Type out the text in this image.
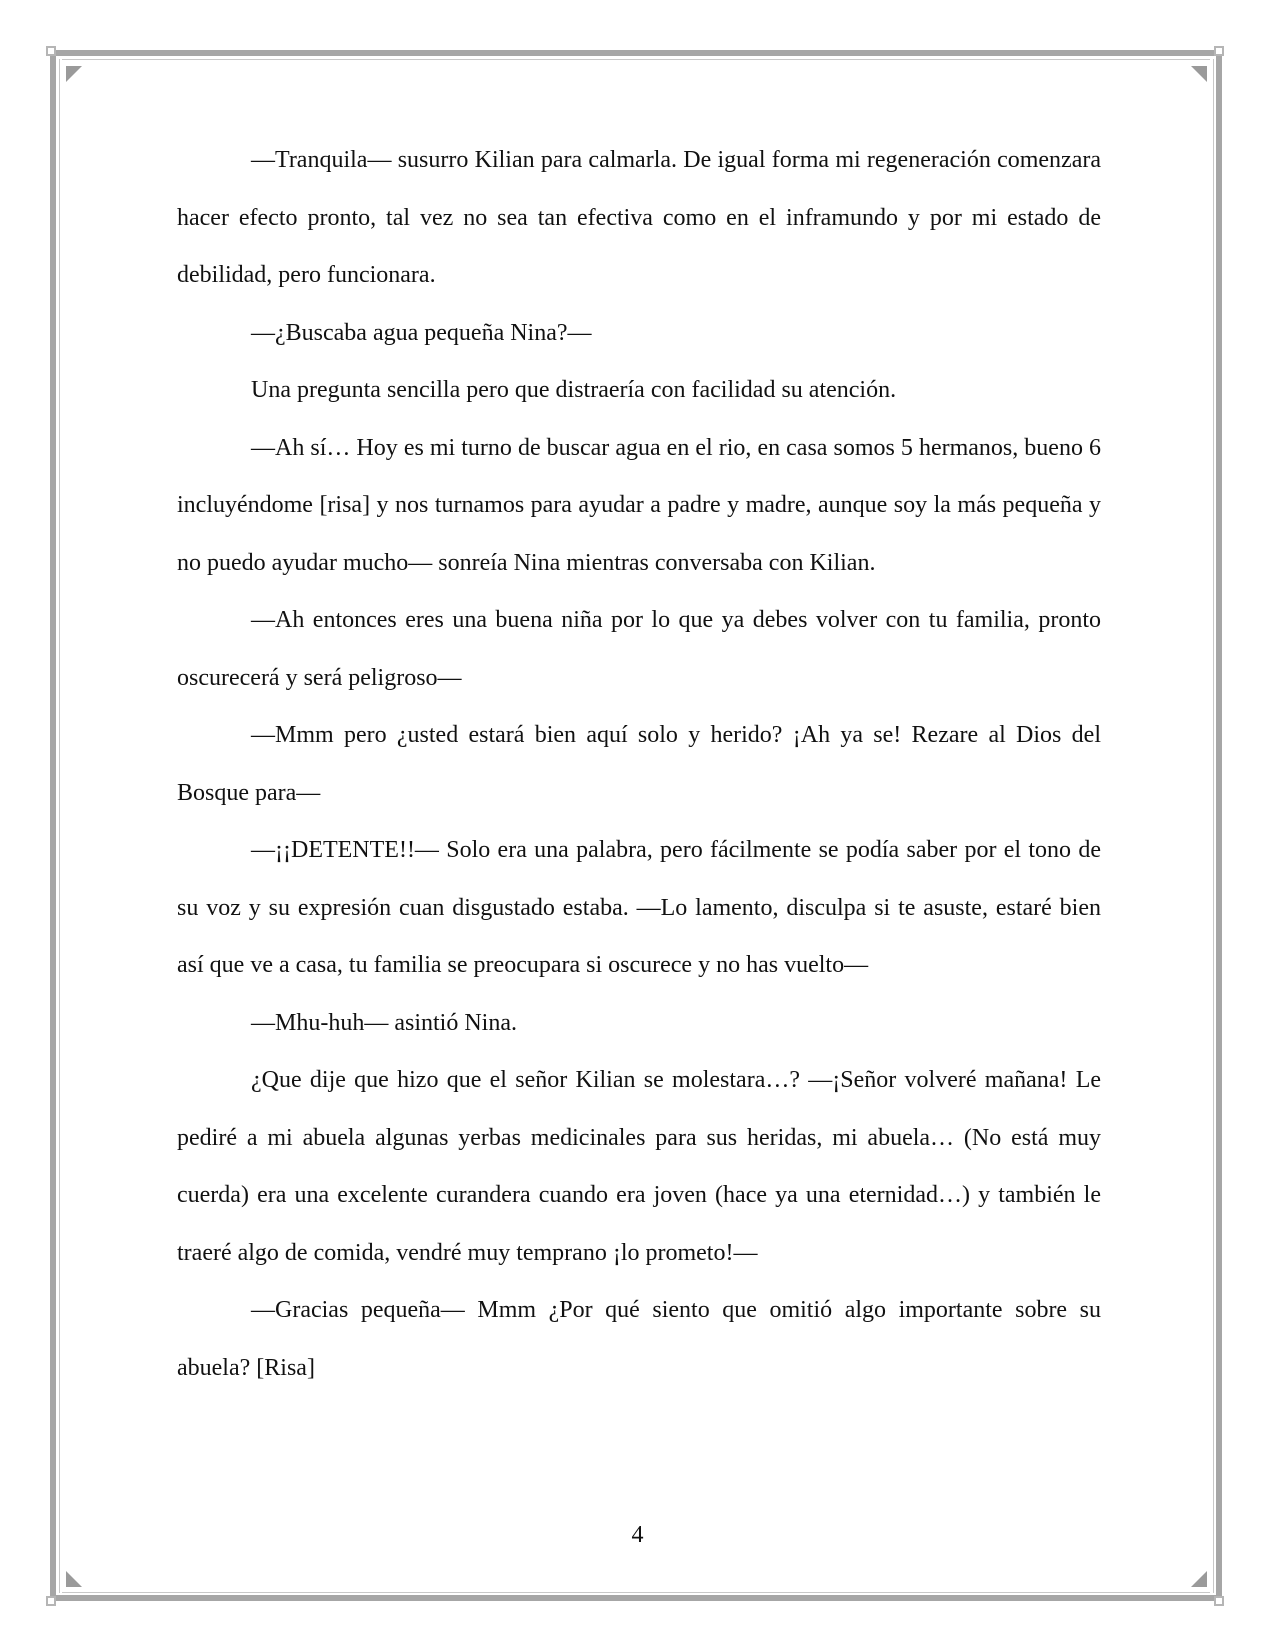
—Tranquila— susurro Kilian para calmarla. De igual forma mi regeneración comenzara hacer efecto pronto, tal vez no sea tan efectiva como en el inframundo y por mi estado de debilidad, pero funcionara.

—¿Buscaba agua pequeña Nina?—

Una pregunta sencilla pero que distraería con facilidad su atención.

—Ah sí… Hoy es mi turno de buscar agua en el rio, en casa somos 5 hermanos, bueno 6 incluyéndome [risa] y nos turnamos para ayudar a padre y madre, aunque soy la más pequeña y no puedo ayudar mucho— sonreía Nina mientras conversaba con Kilian.

—Ah entonces eres una buena niña por lo que ya debes volver con tu familia, pronto oscurecerá y será peligroso—

—Mmm pero ¿usted estará bien aquí solo y herido? ¡Ah ya se! Rezare al Dios del Bosque para—

—¡¡DETENTE!!— Solo era una palabra, pero fácilmente se podía saber por el tono de su voz y su expresión cuan disgustado estaba. —Lo lamento, disculpa si te asuste, estaré bien así que ve a casa, tu familia se preocupara si oscurece y no has vuelto—

—Mhu-huh— asintió Nina.

¿Que dije que hizo que el señor Kilian se molestara…? —¡Señor volveré mañana! Le pediré a mi abuela algunas yerbas medicinales para sus heridas, mi abuela… (No está muy cuerda) era una excelente curandera cuando era joven (hace ya una eternidad…) y también le traeré algo de comida, vendré muy temprano ¡lo prometo!—

—Gracias pequeña— Mmm ¿Por qué siento que omitió algo importante sobre su abuela? [Risa]

4
